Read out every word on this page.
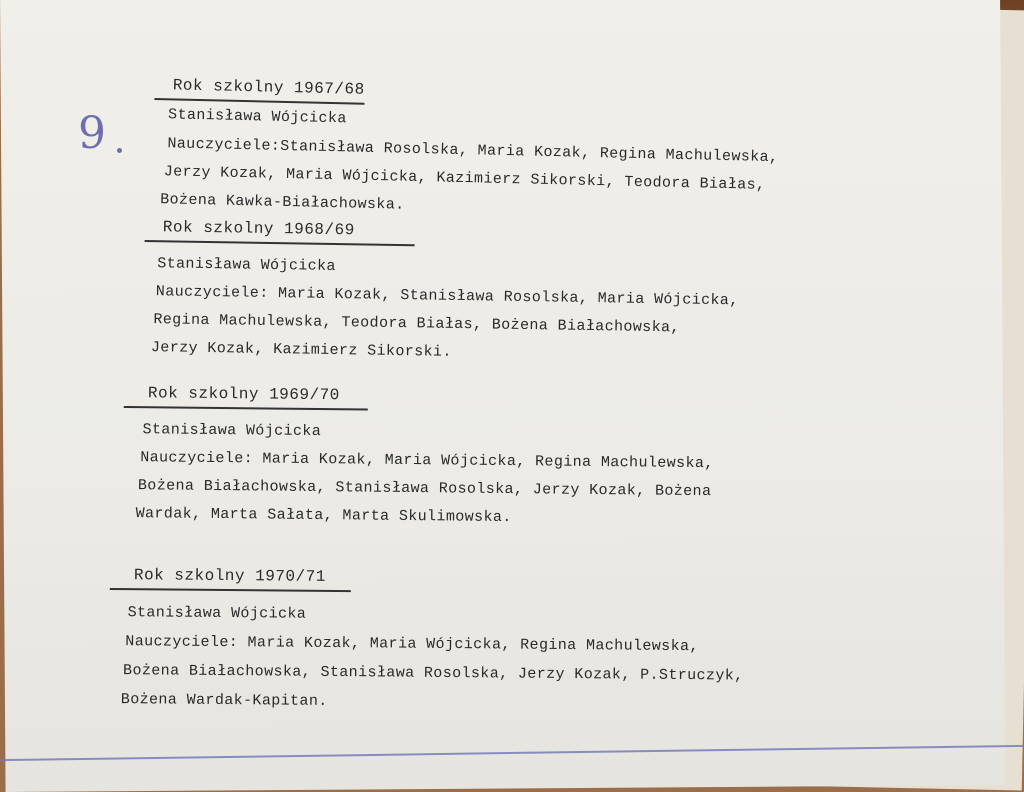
9
Rok szkolny 1967/68
Stanisława Wójcicka
Nauczyciele:Stanisława Rosolska, Maria Kozak, Regina Machulewska,
Jerzy Kozak, Maria Wójcicka, Kazimierz Sikorski, Teodora Białas,
Bożena Kawka-Białachowska.
Rok szkolny 1968/69
Stanisława Wójcicka
Nauczyciele: Maria Kozak, Stanisława Rosolska, Maria Wójcicka,
Regina Machulewska, Teodora Białas, Bożena Białachowska,
Jerzy Kozak, Kazimierz Sikorski.
Rok szkolny 1969/70
Stanisława Wójcicka
Nauczyciele: Maria Kozak, Maria Wójcicka, Regina Machulewska,
Bożena Białachowska, Stanisława Rosolska, Jerzy Kozak, Bożena
Wardak, Marta Sałata, Marta Skulimowska.
Rok szkolny 1970/71
Stanisława Wójcicka
Nauczyciele: Maria Kozak, Maria Wójcicka, Regina Machulewska,
Bożena Białachowska, Stanisława Rosolska, Jerzy Kozak, P.Struczyk,
Bożena Wardak-Kapitan.
